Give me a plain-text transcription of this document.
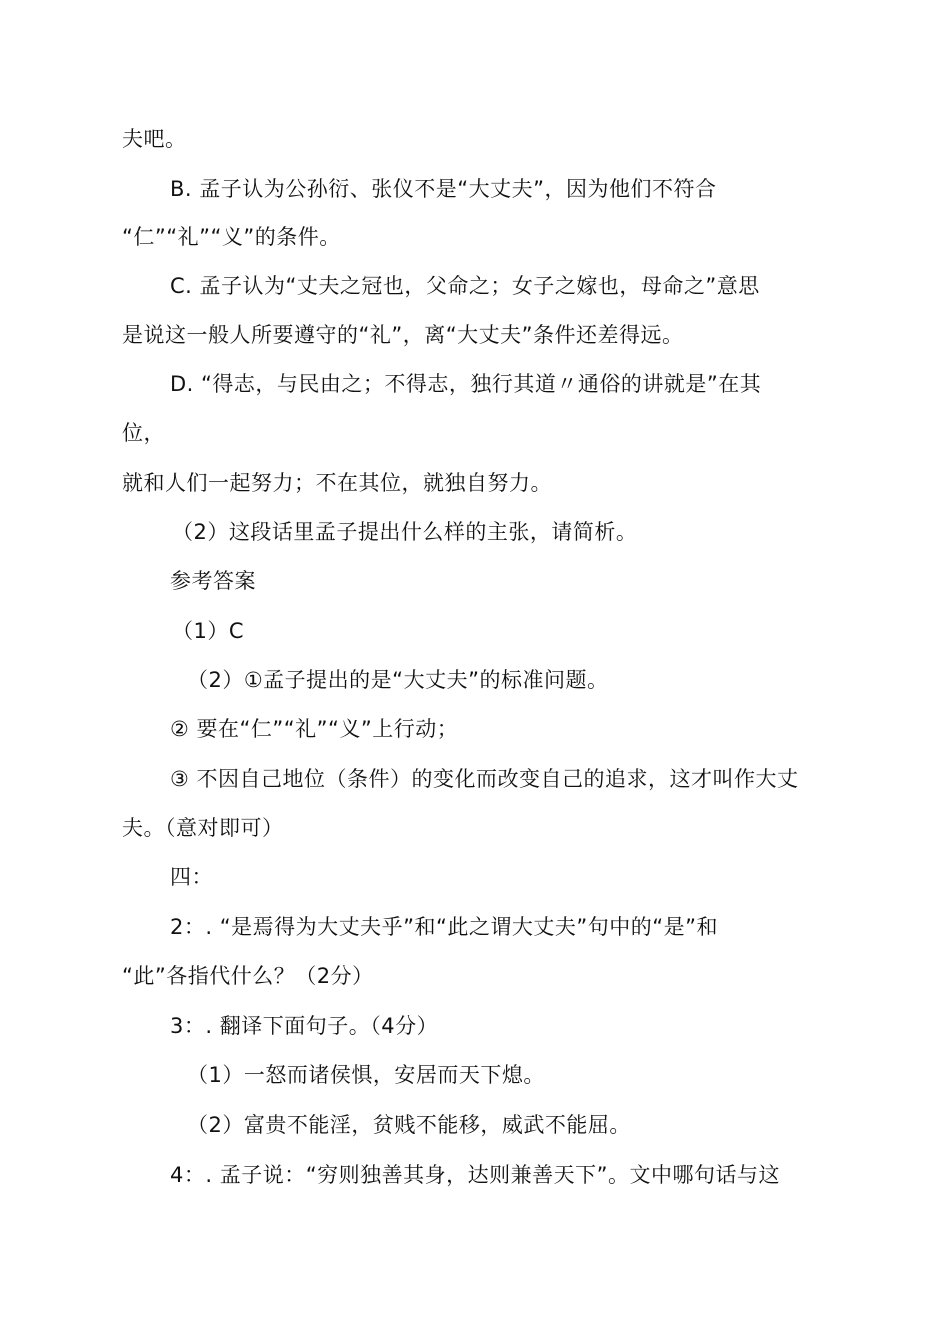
夫吧。
B. 孟子认为公孙衍、张仪不是“大丈夫”，因为他们不符合
“仁”“礼”“义”的条件。
C. 孟子认为“丈夫之冠也，父命之；女子之嫁也，母命之”意思
是说这一般人所要遵守的“礼”，离“大丈夫”条件还差得远。
D. “得志，与民由之；不得志，独行其道〃通俗的讲就是”在其
位，
就和人们一起努力；不在其位，就独自努力。
（2）这段话里孟子提出什么样的主张，请简析。
参考答案
（1）C
（2）①孟子提出的是“大丈夫”的标准问题。
② 要在“仁”“礼”“义”上行动；
③ 不因自己地位（条件）的变化而改变自己的追求，这才叫作大丈
夫。（意对即可）
四：
2：. “是焉得为大丈夫乎”和“此之谓大丈夫”句中的“是”和
“此”各指代什么？（2分）
3：. 翻译下面句子。（4分）
（1）一怒而诸侯惧，安居而天下熄。
（2）富贵不能淫，贫贱不能移，威武不能屈。
4：. 孟子说：“穷则独善其身，达则兼善天下”。文中哪句话与这
